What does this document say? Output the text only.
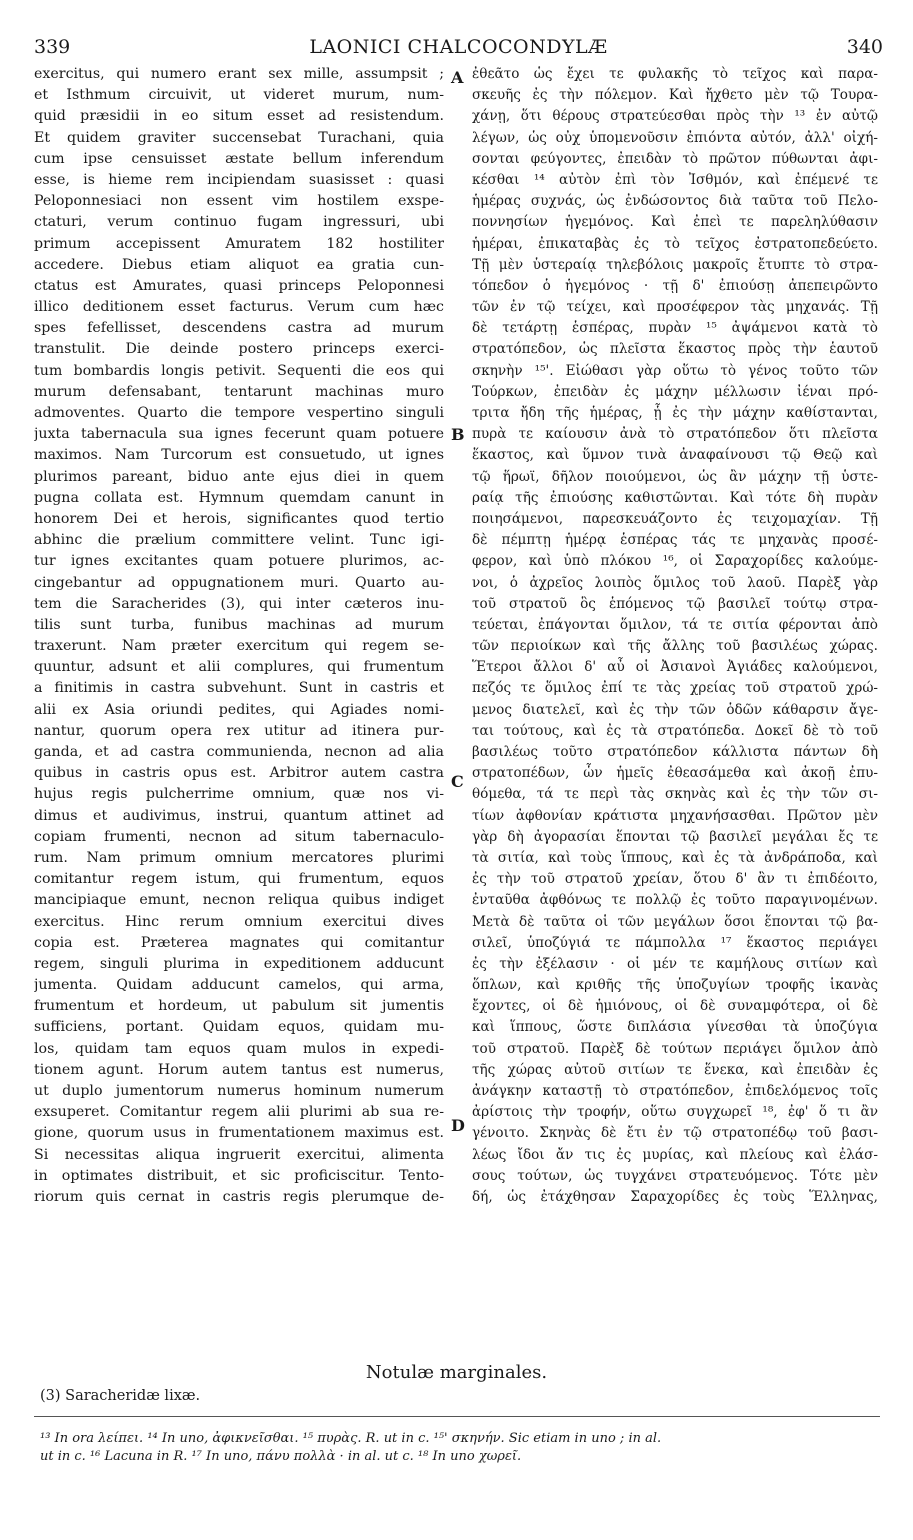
339	LAONICI CHALCOCONDYLÆ	340
exercitus, qui numero erant sex mille, assumpsit ;
et Isthmum circuivit, ut videret murum, num-
quid præsidii in eo situm esset ad resistendum.
Et quidem graviter succensebat Turachani, quia
cum ipse censuisset æstate bellum inferendum
esse, is hieme rem incipiendam suasisset : quasi
Peloponnesiaci non essent vim hostilem exspe-
ctaturi, verum continuo fugam ingressuri, ubi
primum accepissent Amuratem 182 hostiliter
accedere. Diebus etiam aliquot ea gratia cun-
ctatus est Amurates, quasi princeps Peloponnesi
illico deditionem esset facturus. Verum cum hæc
spes fefellisset, descendens castra ad murum
transtulit. Die deinde postero princeps exerci-
tum bombardis longis petivit. Sequenti die eos qui
murum defensabant, tentarunt machinas muro
admoventes. Quarto die tempore vespertino singuli
juxta tabernacula sua ignes fecerunt quam potuere
maximos. Nam Turcorum est consuetudo, ut ignes
plurimos pareant, biduo ante ejus diei in quem
pugna collata est. Hymnum quemdam canunt in
honorem Dei et herois, significantes quod tertio
abhinc die prælium committere velint. Tunc igi-
tur ignes excitantes quam potuere plurimos, ac-
cingebantur ad oppugnationem muri. Quarto au-
tem die Saracherides (3), qui inter cæteros inu-
tilis sunt turba, funibus machinas ad murum
traxerunt. Nam præter exercitum qui regem se-
quuntur, adsunt et alii complures, qui frumentum
a finitimis in castra subvehunt. Sunt in castris et
alii ex Asia oriundi pedites, qui Agiades nomi-
nantur, quorum opera rex utitur ad itinera pur-
ganda, et ad castra communienda, necnon ad alia
quibus in castris opus est. Arbitror autem castra
hujus regis pulcherrime omnium, quæ nos vi-
dimus et audivimus, instrui, quantum attinet ad
copiam frumenti, necnon ad situm tabernaculo-
rum. Nam primum omnium mercatores plurimi
comitantur regem istum, qui frumentum, equos
mancipiaque emunt, necnon reliqua quibus indiget
exercitus. Hinc rerum omnium exercitui dives
copia est. Præterea magnates qui comitantur
regem, singuli plurima in expeditionem adducunt
jumenta. Quidam adducunt camelos, qui arma,
frumentum et hordeum, ut pabulum sit jumentis
sufficiens, portant. Quidam equos, quidam mu-
los, quidam tam equos quam mulos in expedi-
tionem agunt. Horum autem tantus est numerus,
ut duplo jumentorum numerus hominum numerum
exsuperet. Comitantur regem alii plurimi ab sua re-
gione, quorum usus in frumentationem maximus est.
Si necessitas aliqua ingruerit exercitui, alimenta
in optimates distribuit, et sic proficiscitur. Tento-
riorum quis cernat in castris regis plerumque de-
ἐθεᾶτο ὡς ἔχει τε φυλακῆς τὸ τεῖχος καὶ παρα-
σκευῆς ἐς τὴν πόλεμον. Καὶ ἤχθετο μὲν τῷ Τουρα-
χάνῃ, ὅτι θέρους στρατεύεσθαι πρὸς τὴν ¹³ ἐν αὐτῷ
λέγων, ὡς οὐχ ὑπομενοῦσιν ἐπιόντα αὐτόν, ἀλλ' οἰχή-
σονται φεύγοντες, ἐπειδὰν τὸ πρῶτον πύθωνται ἀφι-
κέσθαι ¹⁴ αὐτὸν ἐπὶ τὸν Ἰσθμόν, καὶ ἐπέμενέ τε
ἡμέρας συχνάς, ὡς ἐνδώσοντος διὰ ταῦτα τοῦ Πελο-
ποννησίων ἡγεμόνος. Καὶ ἐπεὶ τε παρεληλύθασιν
ἡμέραι, ἐπικαταβὰς ἐς τὸ τεῖχος ἐστρατοπεδεύετο.
Τῇ μὲν ὑστεραίᾳ τηλεβόλοις μακροῖς ἔτυπτε τὸ στρα-
τόπεδον ὁ ἡγεμόνος · τῇ δ' ἐπιούσῃ ἀπεπειρῶντο
τῶν ἐν τῷ τείχει, καὶ προσέφερον τὰς μηχανάς. Τῇ
δὲ τετάρτῃ ἑσπέρας, πυρὰν ¹⁵ ἀψάμενοι κατὰ τὸ
στρατόπεδον, ὡς πλεῖστα ἕκαστος πρὸς τὴν ἑαυτοῦ
σκηνὴν ¹⁵'. Εἰώθασι γὰρ οὕτω τὸ γένος τοῦτο τῶν
Τούρκων, ἐπειδὰν ἐς μάχην μέλλωσιν ἰέναι πρό-
τριτα ἤδη τῆς ἡμέρας, ᾗ ἐς τὴν μάχην καθίστανται,
πυρὰ τε καίουσιν ἀνὰ τὸ στρατόπεδον ὅτι πλεῖστα
ἕκαστος, καὶ ὕμνον τινὰ ἀναφαίνουσι τῷ Θεῷ καὶ
τῷ ἥρωϊ, δῆλον ποιούμενοι, ὡς ἂν μάχην τῇ ὑστε-
ραίᾳ τῆς ἐπιούσης καθιστῶνται. Καὶ τότε δὴ πυρὰν
ποιησάμενοι, παρεσκευάζοντο ἐς τειχομαχίαν. Τῇ
δὲ πέμπτῃ ἡμέρᾳ ἑσπέρας τάς τε μηχανὰς προσέ-
φερον, καὶ ὑπὸ πλόκου ¹⁶, οἱ Σαραχορίδες καλούμε-
νοι, ὁ ἀχρεῖος λοιπὸς ὅμιλος τοῦ λαοῦ. Παρὲξ γὰρ
τοῦ στρατοῦ ὃς ἑπόμενος τῷ βασιλεῖ τούτῳ στρα-
τεύεται, ἐπάγονται ὅμιλον, τά τε σιτία φέρονται ἀπὸ
τῶν περιοίκων καὶ τῆς ἄλλης τοῦ βασιλέως χώρας.
Ἕτεροι ἄλλοι δ' αὖ οἱ Ἀσιανοὶ Ἀγιάδες καλούμενοι,
πεζός τε ὅμιλος ἐπί τε τὰς χρείας τοῦ στρατοῦ χρώ-
μενος διατελεῖ, καὶ ἐς τὴν τῶν ὁδῶν κάθαρσιν ἄγε-
ται τούτους, καὶ ἐς τὰ στρατόπεδα. Δοκεῖ δὲ τὸ τοῦ
βασιλέως τοῦτο στρατόπεδον κάλλιστα πάντων δὴ
στρατοπέδων, ὧν ἡμεῖς ἐθεασάμεθα καὶ ἀκοῇ ἐπυ-
θόμεθα, τά τε περὶ τὰς σκηνὰς καὶ ἐς τὴν τῶν σι-
τίων ἀφθονίαν κράτιστα μηχανήσασθαι. Πρῶτον μὲν
γὰρ δὴ ἀγορασίαι ἕπονται τῷ βασιλεῖ μεγάλαι ἔς τε
τὰ σιτία, καὶ τοὺς ἵππους, καὶ ἐς τὰ ἀνδράποδα, καὶ
ἐς τὴν τοῦ στρατοῦ χρείαν, ὅτου δ' ἂν τι ἐπιδέοιτο,
ἐνταῦθα ἀφθόνως τε πολλῷ ἐς τοῦτο παραγινομένων.
Μετὰ δὲ ταῦτα οἱ τῶν μεγάλων ὅσοι ἕπονται τῷ βα-
σιλεῖ, ὑποζύγιά τε πάμπολλα ¹⁷ ἕκαστος περιάγει
ἐς τὴν ἐξέλασιν · οἱ μέν τε καμήλους σιτίων καὶ
ὅπλων, καὶ κριθῆς τῆς ὑποζυγίων τροφῆς ἱκανὰς
ἔχοντες, οἱ δὲ ἡμιόνους, οἱ δὲ συναμφότερα, οἱ δὲ
καὶ ἵππους, ὥστε διπλάσια γίνεσθαι τὰ ὑποζύγια
τοῦ στρατοῦ. Παρὲξ δὲ τούτων περιάγει ὅμιλον ἀπὸ
τῆς χώρας αὐτοῦ σιτίων τε ἕνεκα, καὶ ἐπειδὰν ἐς
ἀνάγκην καταστῇ τὸ στρατόπεδον, ἐπιδελόμενος τοῖς
ἀρίστοις τὴν τροφήν, οὕτω συγχωρεῖ ¹⁸, ἐφ' ὅ τι ἂν
γένοιτο. Σκηνὰς δὲ ἔτι ἐν τῷ στρατοπέδῳ τοῦ βασι-
λέως ἴδοι ἄν τις ἐς μυρίας, καὶ πλείους καὶ ἐλάσ-
σους τούτων, ὡς τυγχάνει στρατευόμενος. Τότε μὲν
δή, ὡς ἐτάχθησαν Σαραχορίδες ἐς τοὺς Ἕλληνας,
A
B
C
D
Notulæ marginales.
(3) Saracheridæ lixæ.
¹³ In ora λείπει. ¹⁴ In uno, ἀφικνεῖσθαι. ¹⁵ πυρὰς. R. ut in c. ¹⁵' σκηνήν. Sic etiam in uno ; in al.
ut in c. ¹⁶ Lacuna in R. ¹⁷ In uno, πάνυ πολλὰ · in al. ut c. ¹⁸ In uno χωρεῖ.
